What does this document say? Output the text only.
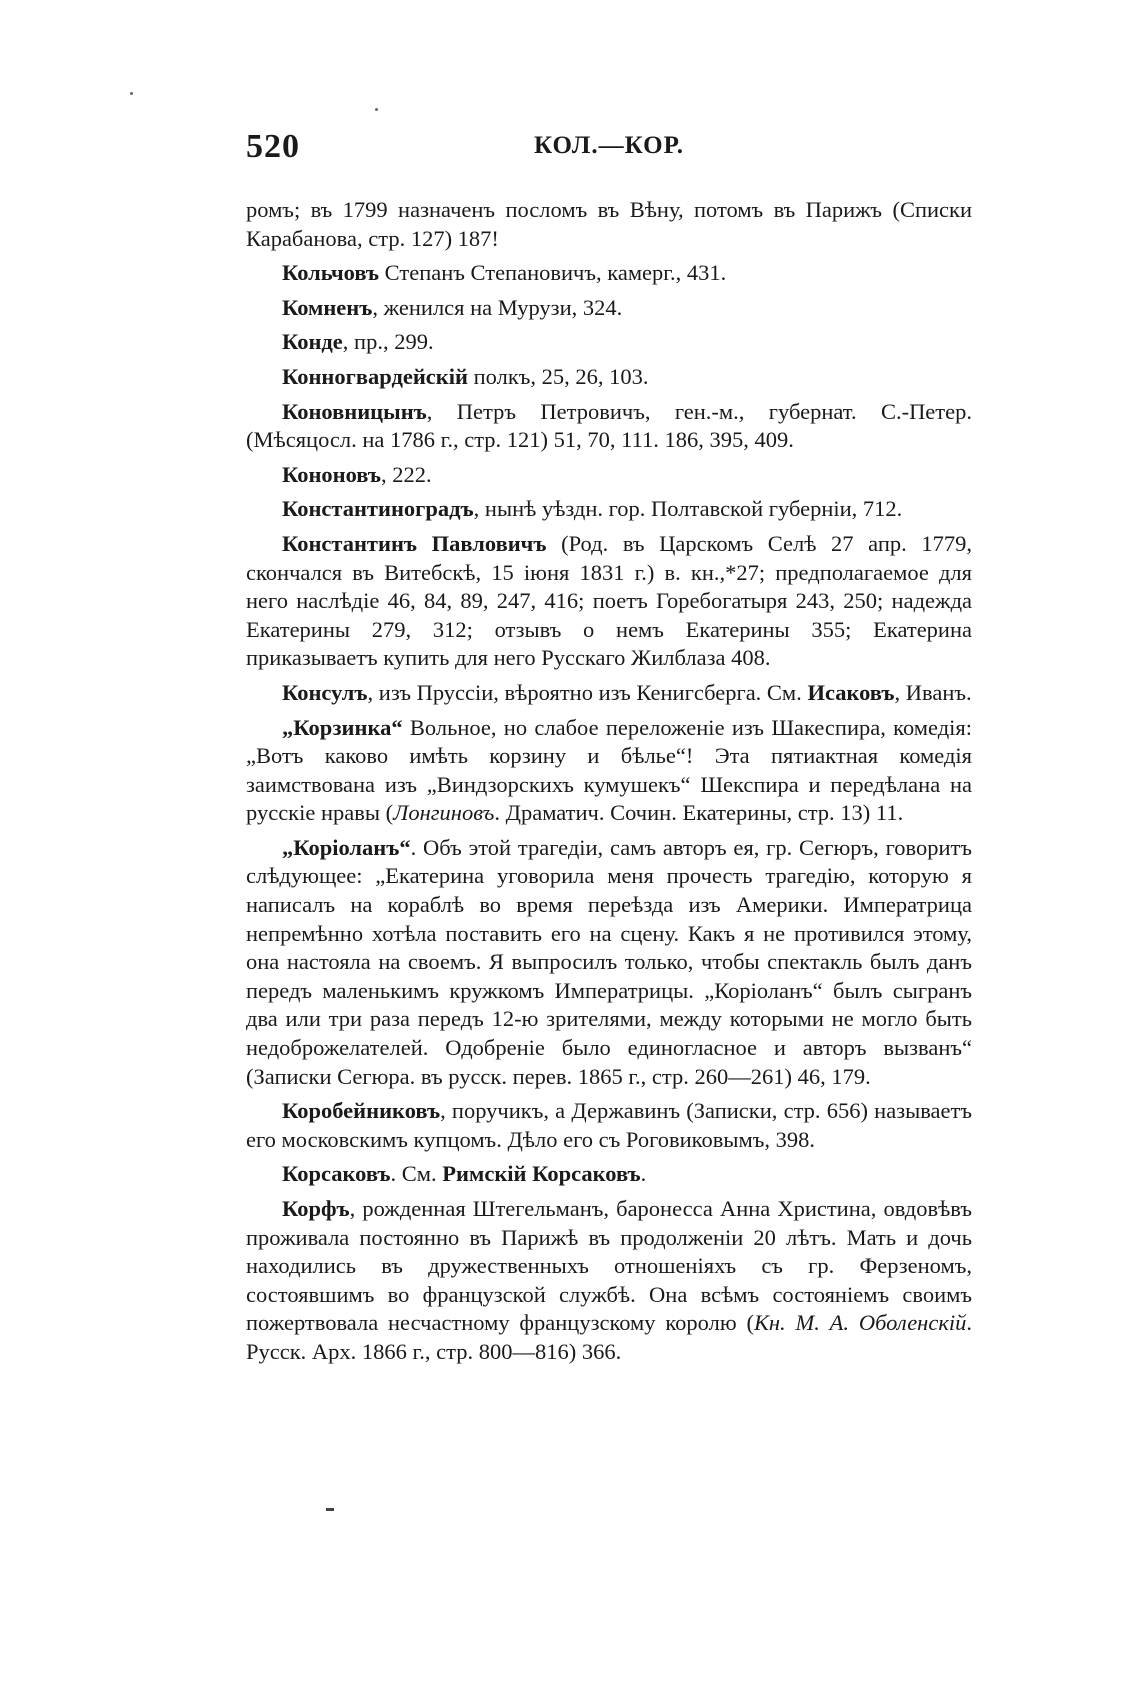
520	КОЛ.—КОР.

ромъ; въ 1799 назначенъ посломъ въ Вѣну, потомъ въ Парижъ (Списки Карабанова, стр. 127) 187!

Кольчовъ Степанъ Степановичъ, камерг., 431.

Комненъ, женился на Мурузи, 324.

Конде, пр., 299.

Конногвардейскій полкъ, 25, 26, 103.

Коновницынъ, Петръ Петровичъ, ген.-м., губернат. С.-Петер. (Мѣсяцосл. на 1786 г., стр. 121) 51, 70, 111. 186, 395, 409.

Кононовъ, 222.

Константиноградъ, нынѣ уѣздн. гор. Полтавской губерніи, 712.

Константинъ Павловичъ (Род. въ Царскомъ Селѣ 27 апр. 1779, скончался въ Витебскѣ, 15 іюня 1831 г.) в. кн.,*27; предполагаемое для него наслѣдіе 46, 84, 89, 247, 416; поетъ Горебогатыря 243, 250; надежда Екатерины 279, 312; отзывъ о немъ Екатерины 355; Екатерина приказываетъ купить для него Русскаго Жилблаза 408.

Консулъ, изъ Пруссіи, вѣроятно изъ Кенигсберга. См. Исаковъ, Иванъ.

„Корзинка“ Вольное, но слабое переложеніе изъ Шакеспира, комедія: „Вотъ каково имѣть корзину и бѣлье“! Эта пятиактная комедія заимствована изъ „Виндзорскихъ кумушекъ“ Шекспира и передѣлана на русскіе нравы (Лонгиновъ. Драматич. Сочин. Екатерины, стр. 13) 11.

„Коріоланъ“. Объ этой трагедіи, самъ авторъ ея, гр. Сегюръ, говоритъ слѣдующее: „Екатерина уговорила меня прочесть трагедію, которую я написалъ на кораблѣ во время переѣзда изъ Америки. Императрица непремѣнно хотѣла поставить его на сцену. Какъ я не противился этому, она настояла на своемъ. Я выпросилъ только, чтобы спектакль былъ данъ передъ маленькимъ кружкомъ Императрицы. „Коріоланъ“ былъ сыгранъ два или три раза передъ 12-ю зрителями, между которыми не могло быть недоброжелателей. Одобреніе было единогласное и авторъ вызванъ“ (Записки Сегюра. въ русск. перев. 1865 г., стр. 260—261) 46, 179.

Коробейниковъ, поручикъ, а Державинъ (Записки, стр. 656) называетъ его московскимъ купцомъ. Дѣло его съ Роговиковымъ, 398.

Корсаковъ. См. Римскій Корсаковъ.

Корфъ, рожденная Штегельманъ, баронесса Анна Христина, овдовѣвъ проживала постоянно въ Парижѣ въ продолженіи 20 лѣтъ. Мать и дочь находились въ дружественныхъ отношеніяхъ съ гр. Ферзеномъ, состоявшимъ во французской службѣ. Она всѣмъ состояніемъ своимъ пожертвовала несчастному французскому королю (Кн. М. А. Оболенскій. Русск. Арх. 1866 г., стр. 800—816) 366.
